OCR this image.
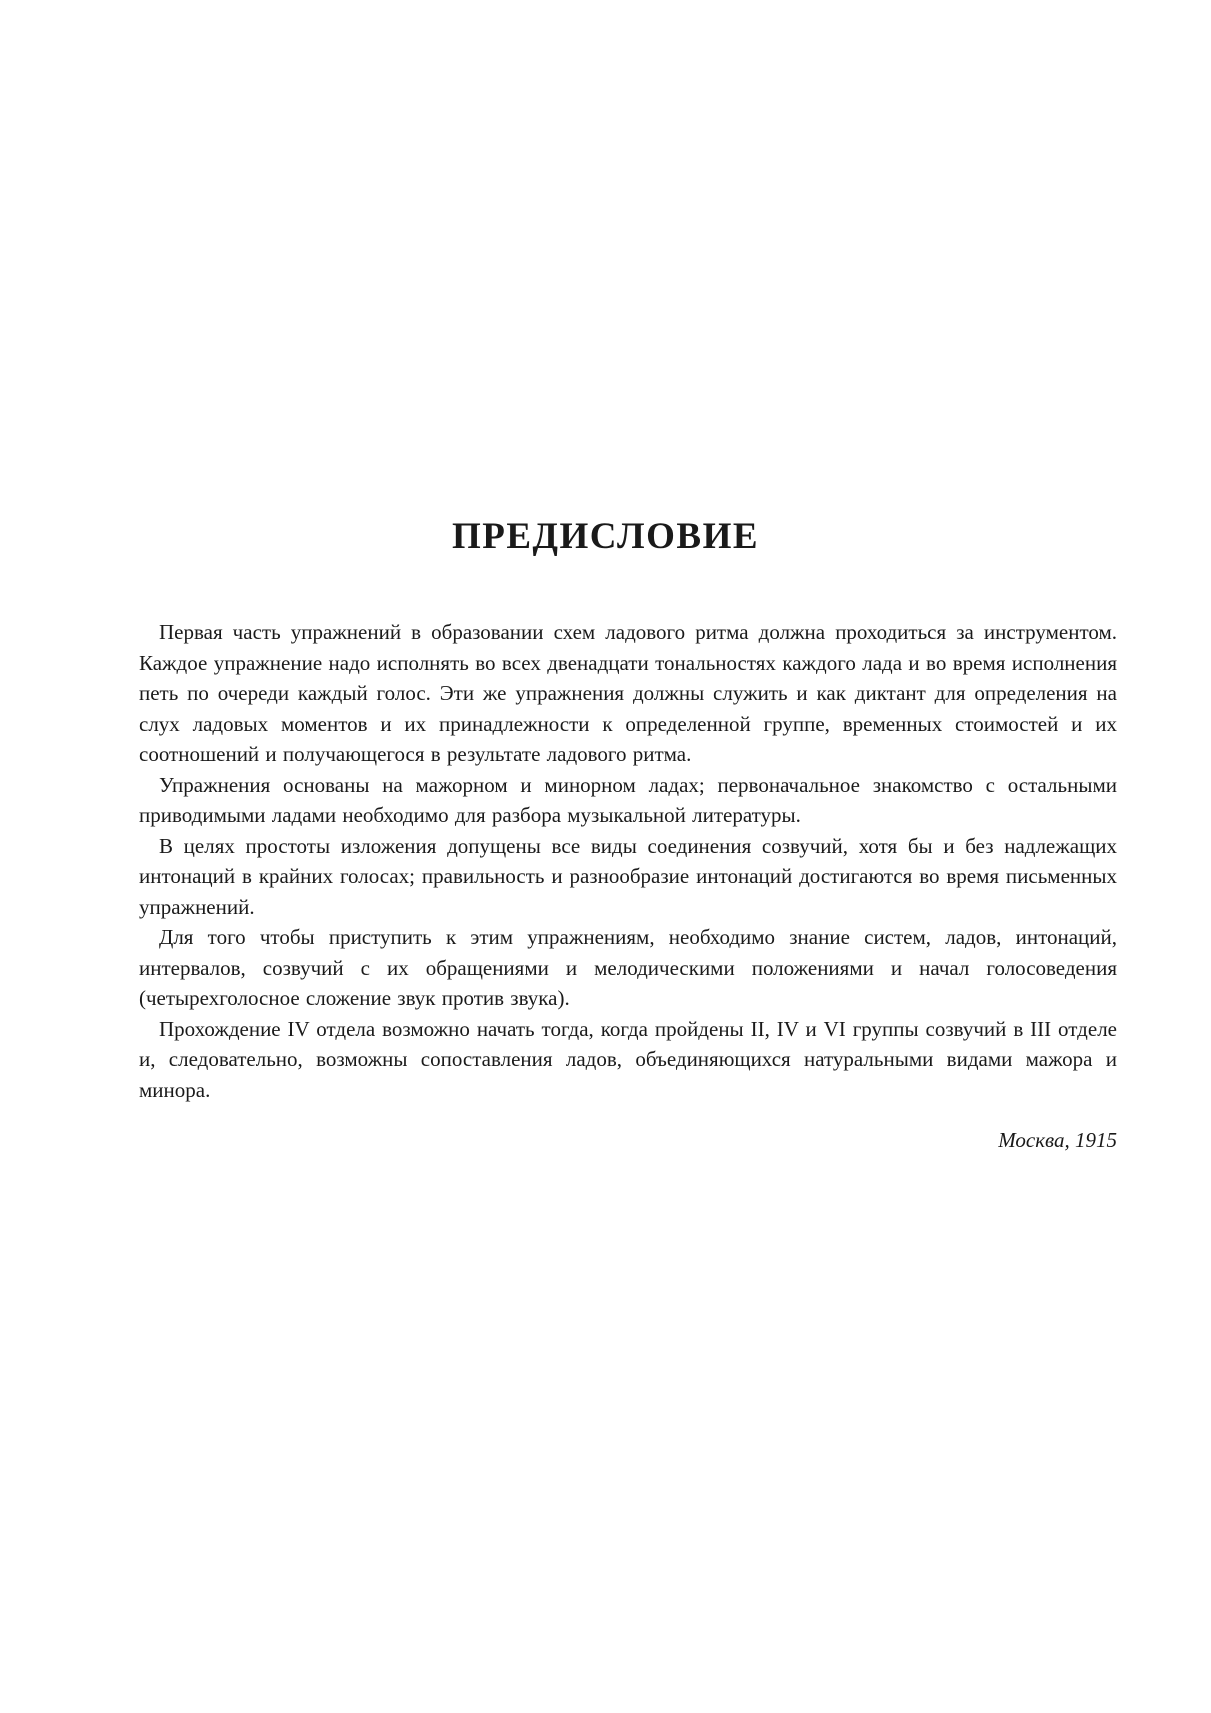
ПРЕДИСЛОВИЕ

Первая часть упражнений в образовании схем ладового ритма должна проходиться за инструментом. Каждое упражнение надо исполнять во всех двенадцати тональностях каждого лада и во время исполнения петь по очереди каждый голос. Эти же упражнения должны служить и как диктант для определения на слух ладовых моментов и их принадлежности к определенной группе, временных стоимостей и их соотношений и получающегося в результате ладового ритма.

Упражнения основаны на мажорном и минорном ладах; первоначальное знакомство с остальными приводимыми ладами необходимо для разбора музыкальной литературы.

В целях простоты изложения допущены все виды соединения созвучий, хотя бы и без надлежащих интонаций в крайних голосах; правильность и разнообразие интонаций достигаются во время письменных упражнений.

Для того чтобы приступить к этим упражнениям, необходимо знание систем, ладов, интонаций, интервалов, созвучий с их обращениями и мелодическими положениями и начал голосоведения (четырехголосное сложение звук против звука).

Прохождение IV отдела возможно начать тогда, когда пройдены II, IV и VI группы созвучий в III отделе и, следовательно, возможны сопоставления ладов, объединяющихся натуральными видами мажора и минора.

Москва, 1915
